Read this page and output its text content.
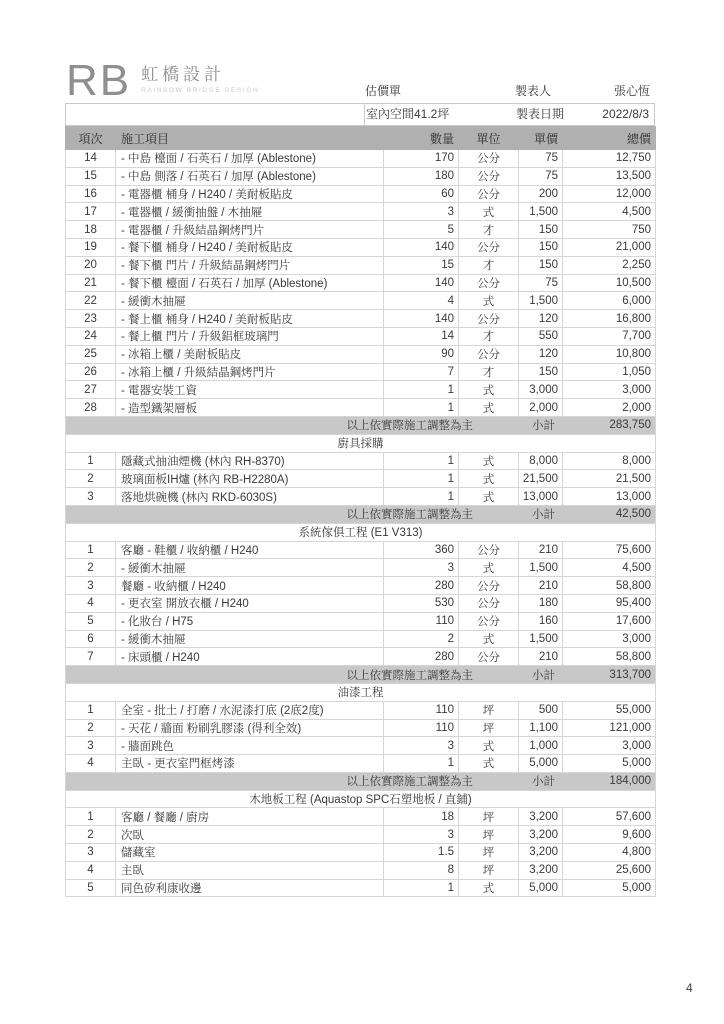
RB 虹橋設計
RAINBOW BRIDGE DESIGN	估價單	製表人	張心恆
室內空間41.2坪	製表日期	2022/8/3
項次	施工項目	數量	單位	單價	總價
14	- 中島 檯面 / 石英石 / 加厚 (Ablestone)	170	公分	75	12,750
15	- 中島 側落 / 石英石 / 加厚 (Ablestone)	180	公分	75	13,500
16	- 電器櫃 桶身 / H240 / 美耐板貼皮	60	公分	200	12,000
17	- 電器櫃 / 緩衝抽盤 / 木抽屜	3	式	1,500	4,500
18	- 電器櫃 / 升級結晶鋼烤門片	5	才	150	750
19	- 餐下櫃 桶身 / H240 / 美耐板貼皮	140	公分	150	21,000
20	- 餐下櫃 門片 / 升級結晶鋼烤門片	15	才	150	2,250
21	- 餐下櫃 檯面 / 石英石 / 加厚 (Ablestone)	140	公分	75	10,500
22	- 緩衝木抽屜	4	式	1,500	6,000
23	- 餐上櫃 桶身 / H240 / 美耐板貼皮	140	公分	120	16,800
24	- 餐上櫃 門片 / 升級鋁框玻璃門	14	才	550	7,700
25	- 冰箱上櫃 / 美耐板貼皮	90	公分	120	10,800
26	- 冰箱上櫃 / 升級結晶鋼烤門片	7	才	150	1,050
27	- 電器安裝工資	1	式	3,000	3,000
28	- 造型鐵架層板	1	式	2,000	2,000
以上依實際施工調整為主				小計	283,750
廚具採購					
1	隱藏式抽油煙機 (林內 RH-8370)	1	式	8,000	8,000
2	玻璃面板IH爐 (林內 RB-H2280A)	1	式	21,500	21,500
3	落地烘碗機 (林內 RKD-6030S)	1	式	13,000	13,000
以上依實際施工調整為主				小計	42,500
系統傢俱工程 (E1 V313)					
1	客廳 - 鞋櫃 / 收納櫃 / H240	360	公分	210	75,600
2	- 緩衝木抽屜	3	式	1,500	4,500
3	餐廳 - 收納櫃 / H240	280	公分	210	58,800
4	- 更衣室 開放衣櫃 / H240	530	公分	180	95,400
5	- 化妝台 / H75	110	公分	160	17,600
6	- 緩衝木抽屜	2	式	1,500	3,000
7	- 床頭櫃 / H240	280	公分	210	58,800
以上依實際施工調整為主				小計	313,700
油漆工程					
1	全室 - 批土 / 打磨 / 水泥漆打底 (2底2度)	110	坪	500	55,000
2	- 天花 / 牆面 粉刷乳膠漆 (得利全效)	110	坪	1,100	121,000
3	- 牆面跳色	3	式	1,000	3,000
4	主臥 - 更衣室門框烤漆	1	式	5,000	5,000
以上依實際施工調整為主				小計	184,000
木地板工程 (Aquastop SPC石塑地板 / 直鋪)					
1	客廳 / 餐廳 / 廚房	18	坪	3,200	57,600
2	次臥	3	坪	3,200	9,600
3	儲藏室	1.5	坪	3,200	4,800
4	主臥	8	坪	3,200	25,600
5	同色矽利康收邊	1	式	5,000	5,000
4
